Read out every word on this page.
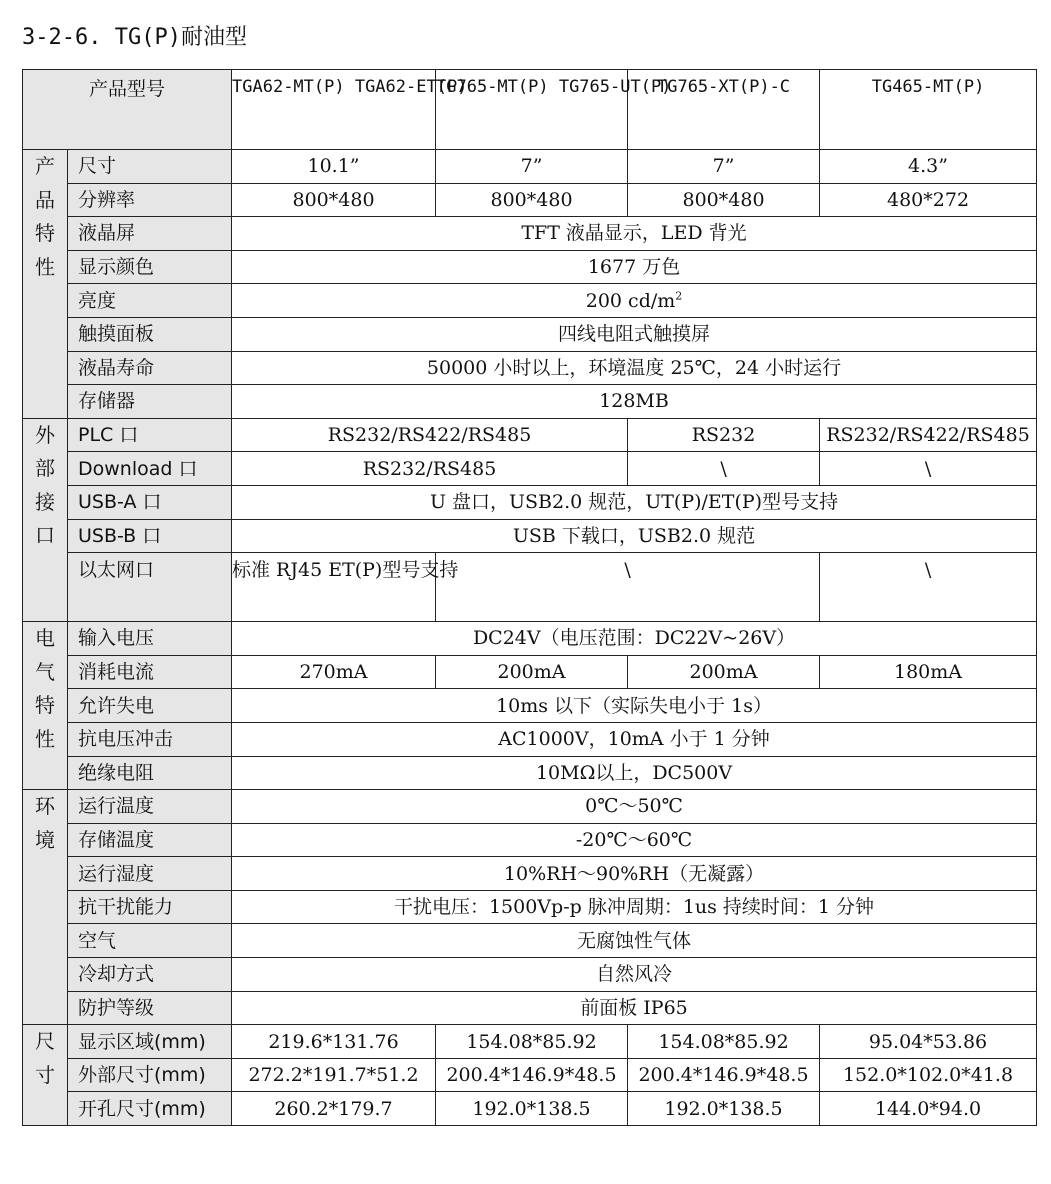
3-2-6. TG(P)耐油型
产品型号		TGA62-MT(P) TGA62-ET(P)	TG765-MT(P) TG765-UT(P)	TG765-XT(P)-C	TG465-MT(P)

产品特性	尺寸	10.1”	7”	7”	4.3”
	分辨率	800*480	800*480	800*480	480*272
	液晶屏	TFT 液晶显示，LED 背光			
	显示颜色	1677 万色			
	亮度	200 $cd/m^2$
	触摸面板	四线电阻式触摸屏			
	液晶寿命	50000 小时以上，环境温度 25℃，24 小时运行			
	存储器	128MB			

外部接口	PLC 口	RS232/RS422/RS485		RS232	RS232/RS422/RS485
	Download 口	RS232/RS485		\	\
	USB-A 口	U 盘口，USB2.0 规范，UT(P)/ET(P)型号支持			
	USB-B 口	USB 下载口，USB2.0 规范			
	以太网口	标准 RJ45 ET(P)型号支持	\		\

电气特性	输入电压	DC24V（电压范围：DC22V~26V）			
	消耗电流	270mA	200mA	200mA	180mA
	允许失电	10ms 以下（实际失电小于 1s）			
	抗电压冲击	AC1000V，10mA 小于 1 分钟			
	绝缘电阻	10MΩ以上，DC500V			

环境	运行温度	0℃～50℃			
	存储温度	-20℃～60℃			
	运行湿度	10%RH～90%RH（无凝露）			
	抗干扰能力	干扰电压：1500Vp-p 脉冲周期：1us 持续时间：1 分钟			
	空气	无腐蚀性气体			
	冷却方式	自然风冷			
	防护等级	前面板 IP65			

尺寸	显示区域(mm)	219.6*131.76	154.08*85.92	154.08*85.92	95.04*53.86
	外部尺寸(mm)	272.2*191.7*51.2	200.4*146.9*48.5	200.4*146.9*48.5	152.0*102.0*41.8
	开孔尺寸(mm)	260.2*179.7	192.0*138.5	192.0*138.5	144.0*94.0
